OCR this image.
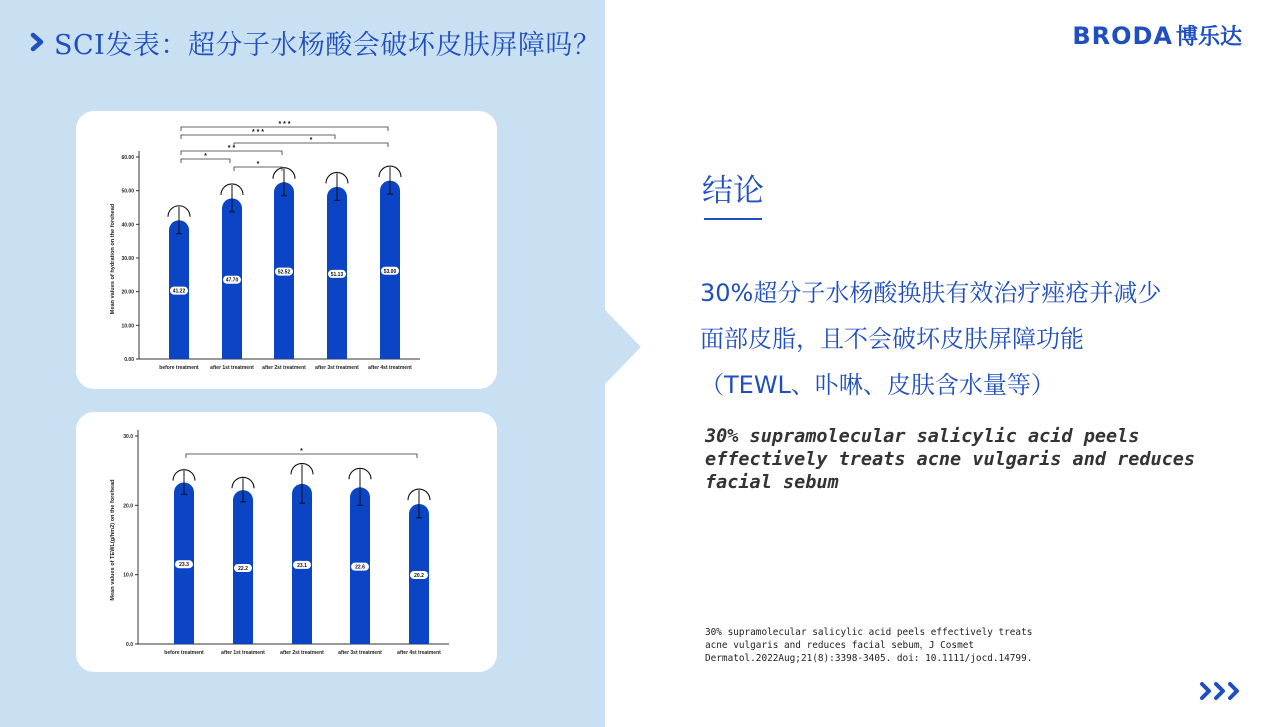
SCI发表：超分子水杨酸会破坏皮肤屏障吗？	BRODA 博乐达
0.00
10.00
20.00
30.00
40.00
50.00
60.00
Mean values of hydration on the forehead	41.22
before treatment
47.70
after 1st treatment
52.52
after 2st treatment
51.13
after 3st treatment
53.00
after 4st treatment
* * *
* * *
*
* *
*
*
0.0
10.0
20.0
30.0
Mean values of TEWL(g/hm2) on the forehead	23.3
before treatment
22.2
after 1st treatment
23.1
after 2st treatment
22.6
after 3st treatment
20.2
after 4st treatment
*
结论
30%超分子水杨酸换肤有效治疗痤疮并减少
面部皮脂，且不会破坏皮肤屏障功能
（TEWL、卟啉、皮肤含水量等）
30% supramolecular salicylic acid peels
effectively treats acne vulgaris and reduces
facial sebum
30% supramolecular salicylic acid peels effectively treats
acne vulgaris and reduces facial sebum，J Cosmet
Dermatol.2022Aug;21(8):3398-3405. doi: 10.1111/jocd.14799.
